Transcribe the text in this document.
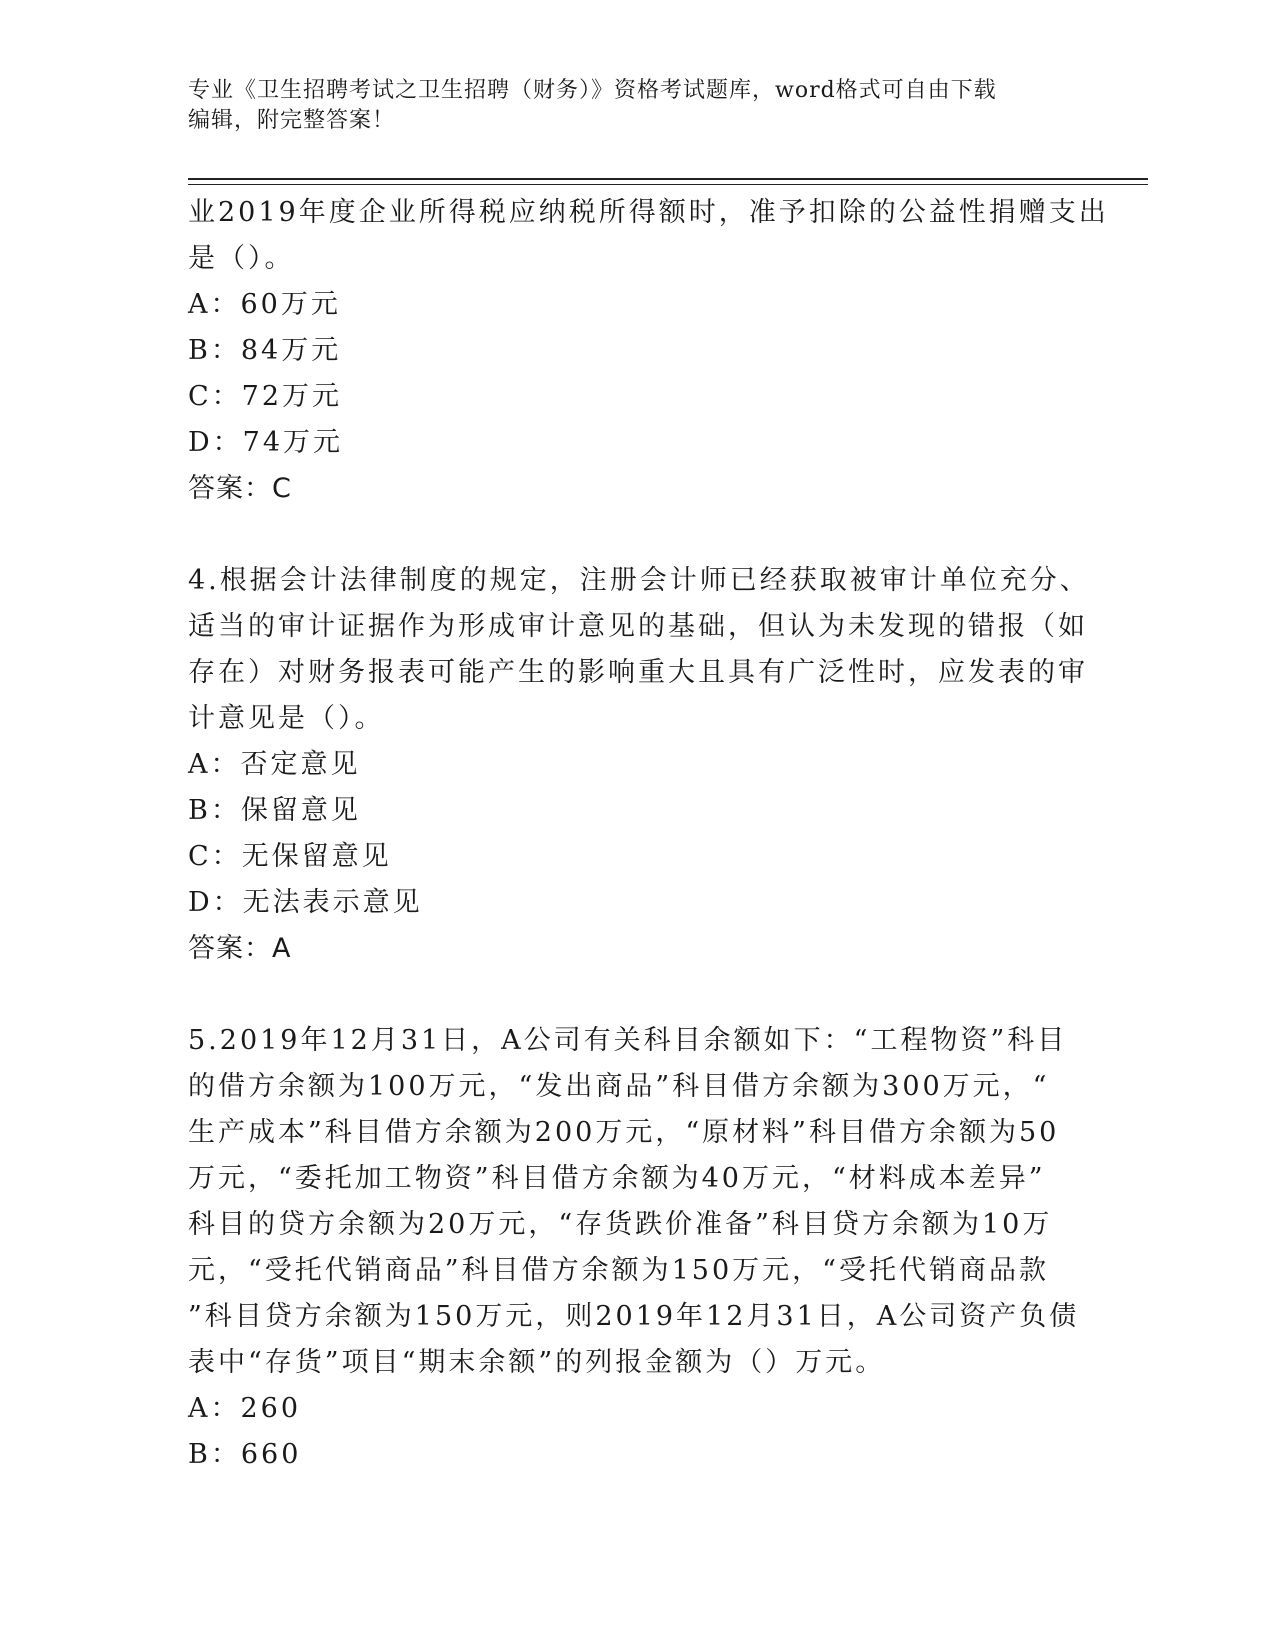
专业《卫生招聘考试之卫生招聘（财务）》资格考试题库，word格式可自由下载
编辑，附完整答案！
业2019年度企业所得税应纳税所得额时，准予扣除的公益性捐赠支出
是（）。
A：60万元
B：84万元
C：72万元
D：74万元
答案：C
4.根据会计法律制度的规定，注册会计师已经获取被审计单位充分、
适当的审计证据作为形成审计意见的基础，但认为未发现的错报（如
存在）对财务报表可能产生的影响重大且具有广泛性时，应发表的审
计意见是（）。
A：否定意见
B：保留意见
C：无保留意见
D：无法表示意见
答案：A
5.2019年12月31日，A公司有关科目余额如下：“工程物资”科目
的借方余额为100万元，“发出商品”科目借方余额为300万元，“
生产成本”科目借方余额为200万元，“原材料”科目借方余额为50
万元，“委托加工物资”科目借方余额为40万元，“材料成本差异”
科目的贷方余额为20万元，“存货跌价准备”科目贷方余额为10万
元，“受托代销商品”科目借方余额为150万元，“受托代销商品款
”科目贷方余额为150万元，则2019年12月31日，A公司资产负债
表中“存货”项目“期末余额”的列报金额为（）万元。
A：260
B：660
